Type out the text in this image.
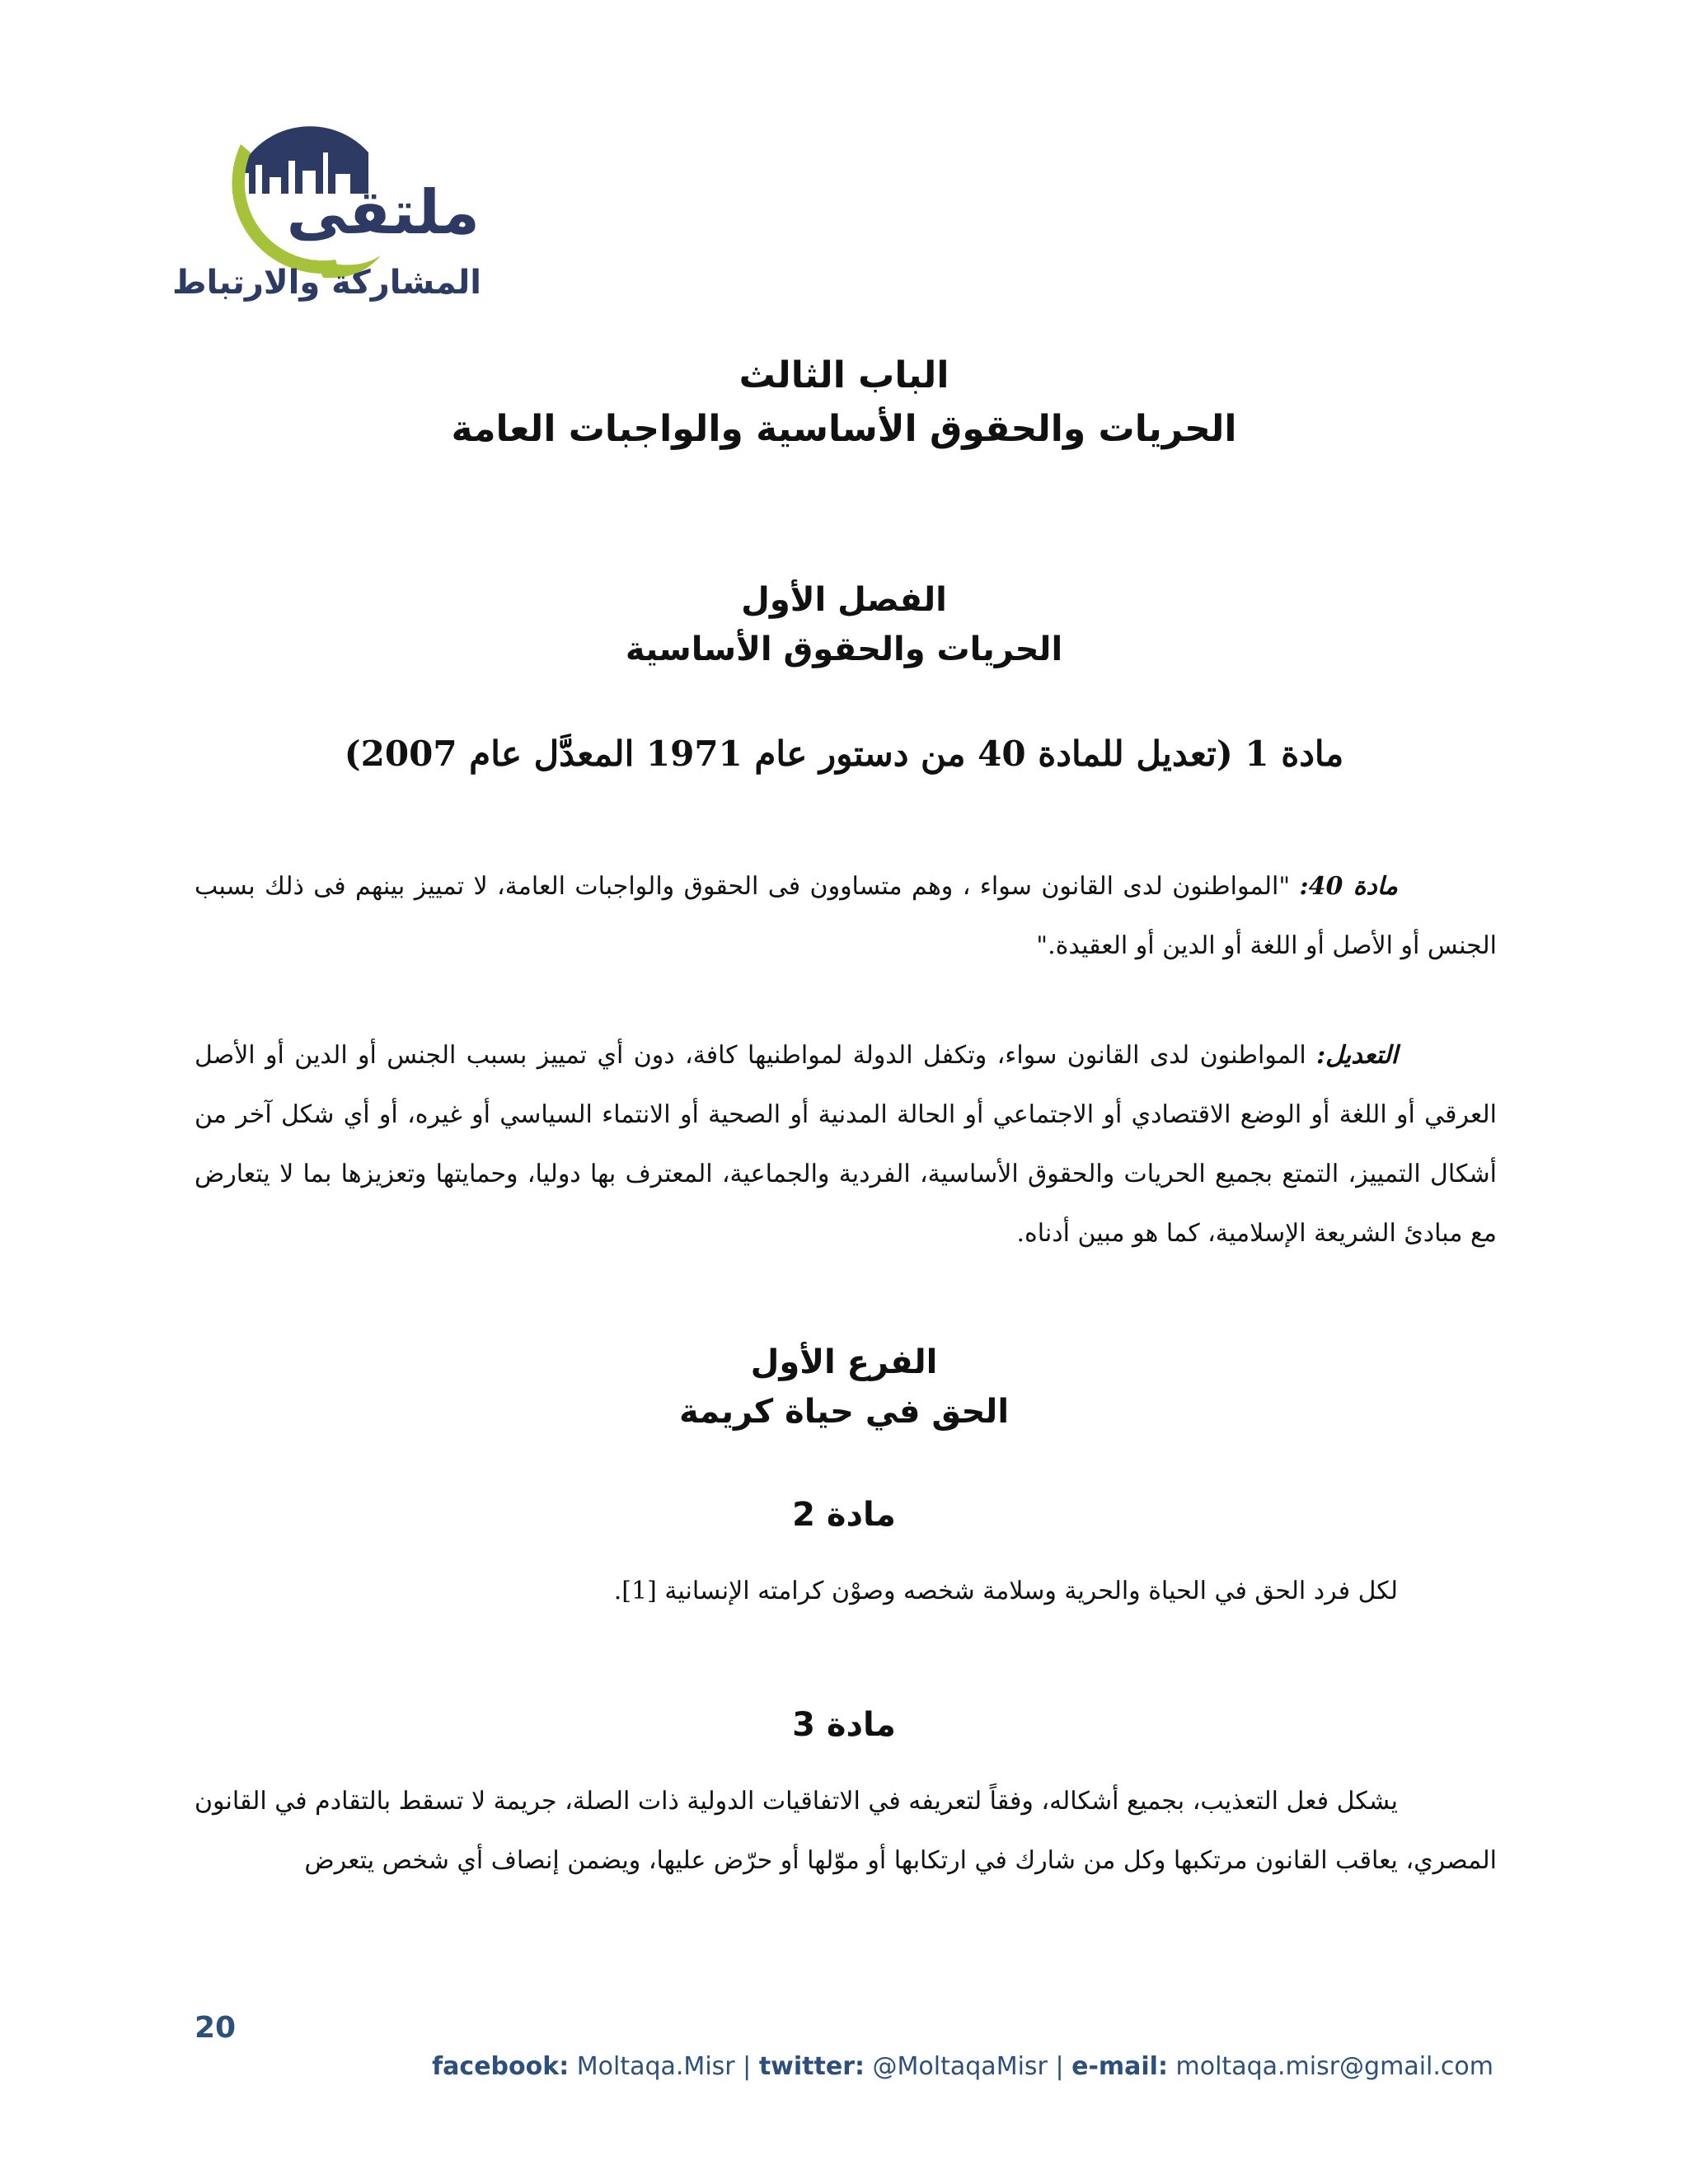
ملتقى
المشاركة والارتباط
الباب الثالث
الحريات والحقوق الأساسية والواجبات العامة
الفصل الأول
الحريات والحقوق الأساسية
مادة 1 (تعديل للمادة 40 من دستور عام 1971 المعدَّل عام 2007)

مادة 40: "المواطنون لدى القانون سواء ، وهم متساوون فى الحقوق والواجبات العامة، لا تمييز بينهم فى ذلك بسبب الجنس أو الأصل أو اللغة أو الدين أو العقيدة."

التعديل: المواطنون لدى القانون سواء، وتكفل الدولة لمواطنيها كافة، دون أي تمييز بسبب الجنس أو الدين أو الأصل العرقي أو اللغة أو الوضع الاقتصادي أو الاجتماعي أو الحالة المدنية أو الصحية أو الانتماء السياسي أو غيره، أو أي شكل آخر من أشكال التمييز، التمتع بجميع الحريات والحقوق الأساسية، الفردية والجماعية، المعترف بها دوليا، وحمايتها وتعزيزها بما لا يتعارض مع مبادئ الشريعة الإسلامية، كما هو مبين أدناه.

الفرع الأول
الحق في حياة كريمة
مادة 2

لكل فرد الحق في الحياة والحرية وسلامة شخصه وصوْن كرامته الإنسانية [1].

مادة 3

يشكل فعل التعذيب، بجميع أشكاله، وفقاً لتعريفه في الاتفاقيات الدولية ذات الصلة، جريمة لا تسقط بالتقادم في القانون المصري، يعاقب القانون مرتكبها وكل من شارك في ارتكابها أو موّلها أو حرّض عليها، ويضمن إنصاف أي شخص يتعرض

20
facebook: Moltaqa.Misr | twitter: @MoltaqaMisr | e-mail: moltaqa.misr@gmail.com
